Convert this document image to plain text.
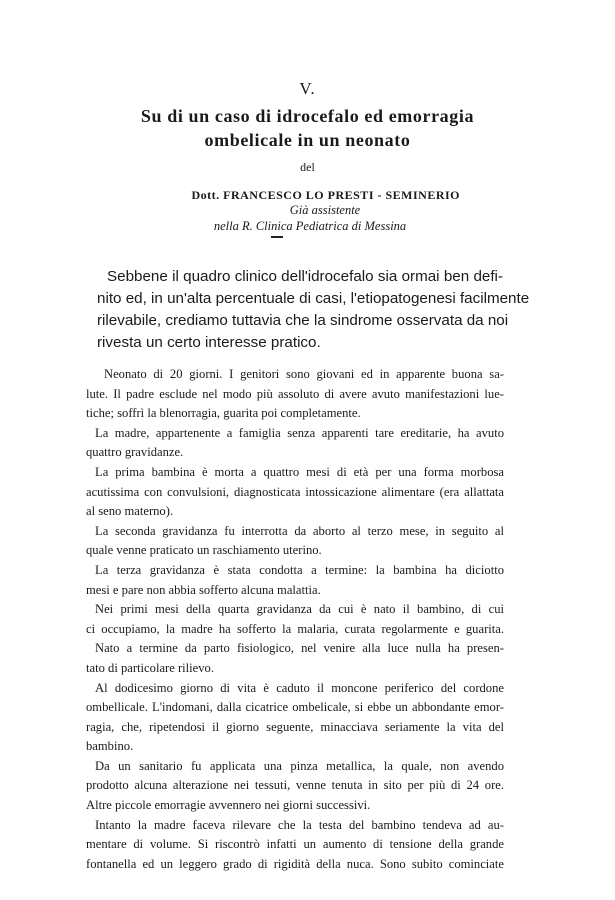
V.
Su di un caso di idrocefalo ed emorragia
ombelicale in un neonato
del
Dott. FRANCESCO LO PRESTI - SEMINERIO
Già assistente
nella R. Clinica Pediatrica di Messina
Sebbene il quadro clinico dell'idrocefalo sia ormai ben defi-
nito ed, in un'alta percentuale di casi, l'etiopatogenesi facilmente
rilevabile, crediamo tuttavia che la sindrome osservata da noi
rivesta un certo interesse pratico.
Neonato di 20 giorni. I genitori sono giovani ed in apparente buona sa-
lute. Il padre esclude nel modo più assoluto di avere avuto manifestazioni lue-
tiche; soffrì la blenorragia, guarita poi completamente.
La madre, appartenente a famiglia senza apparenti tare ereditarie, ha avuto
quattro gravidanze.
La prima bambina è morta a quattro mesi di età per una forma morbosa
acutissima con convulsioni, diagnosticata intossicazione alimentare (era allattata
al seno materno).
La seconda gravidanza fu interrotta da aborto al terzo mese, in seguito al
quale venne praticato un raschiamento uterino.
La terza gravidanza è stata condotta a termine: la bambina ha diciotto
mesi e pare non abbia sofferto alcuna malattia.
Nei primi mesi della quarta gravidanza da cui è nato il bambino, di cui
ci occupiamo, la madre ha sofferto la malaria, curata regolarmente e guarita.
Nato a termine da parto fisiologico, nel venire alla luce nulla ha presen-
tato di particolare rilievo.
Al dodicesimo giorno di vita è caduto il moncone periferico del cordone
ombellicale. L'indomani, dalla cicatrice ombelicale, si ebbe un abbondante emor-
ragia, che, ripetendosi il giorno seguente, minacciava seriamente la vita del
bambino.
Da un sanitario fu applicata una pinza metallica, la quale, non avendo
prodotto alcuna alterazione nei tessuti, venne tenuta in sito per più di 24 ore.
Altre piccole emorragie avvennero nei giorni successivi.
Intanto la madre faceva rilevare che la testa del bambino tendeva ad au-
mentare di volume. Si riscontrò infatti un aumento di tensione della grande
fontanella ed un leggero grado di rigidità della nuca. Sono subito cominciate
